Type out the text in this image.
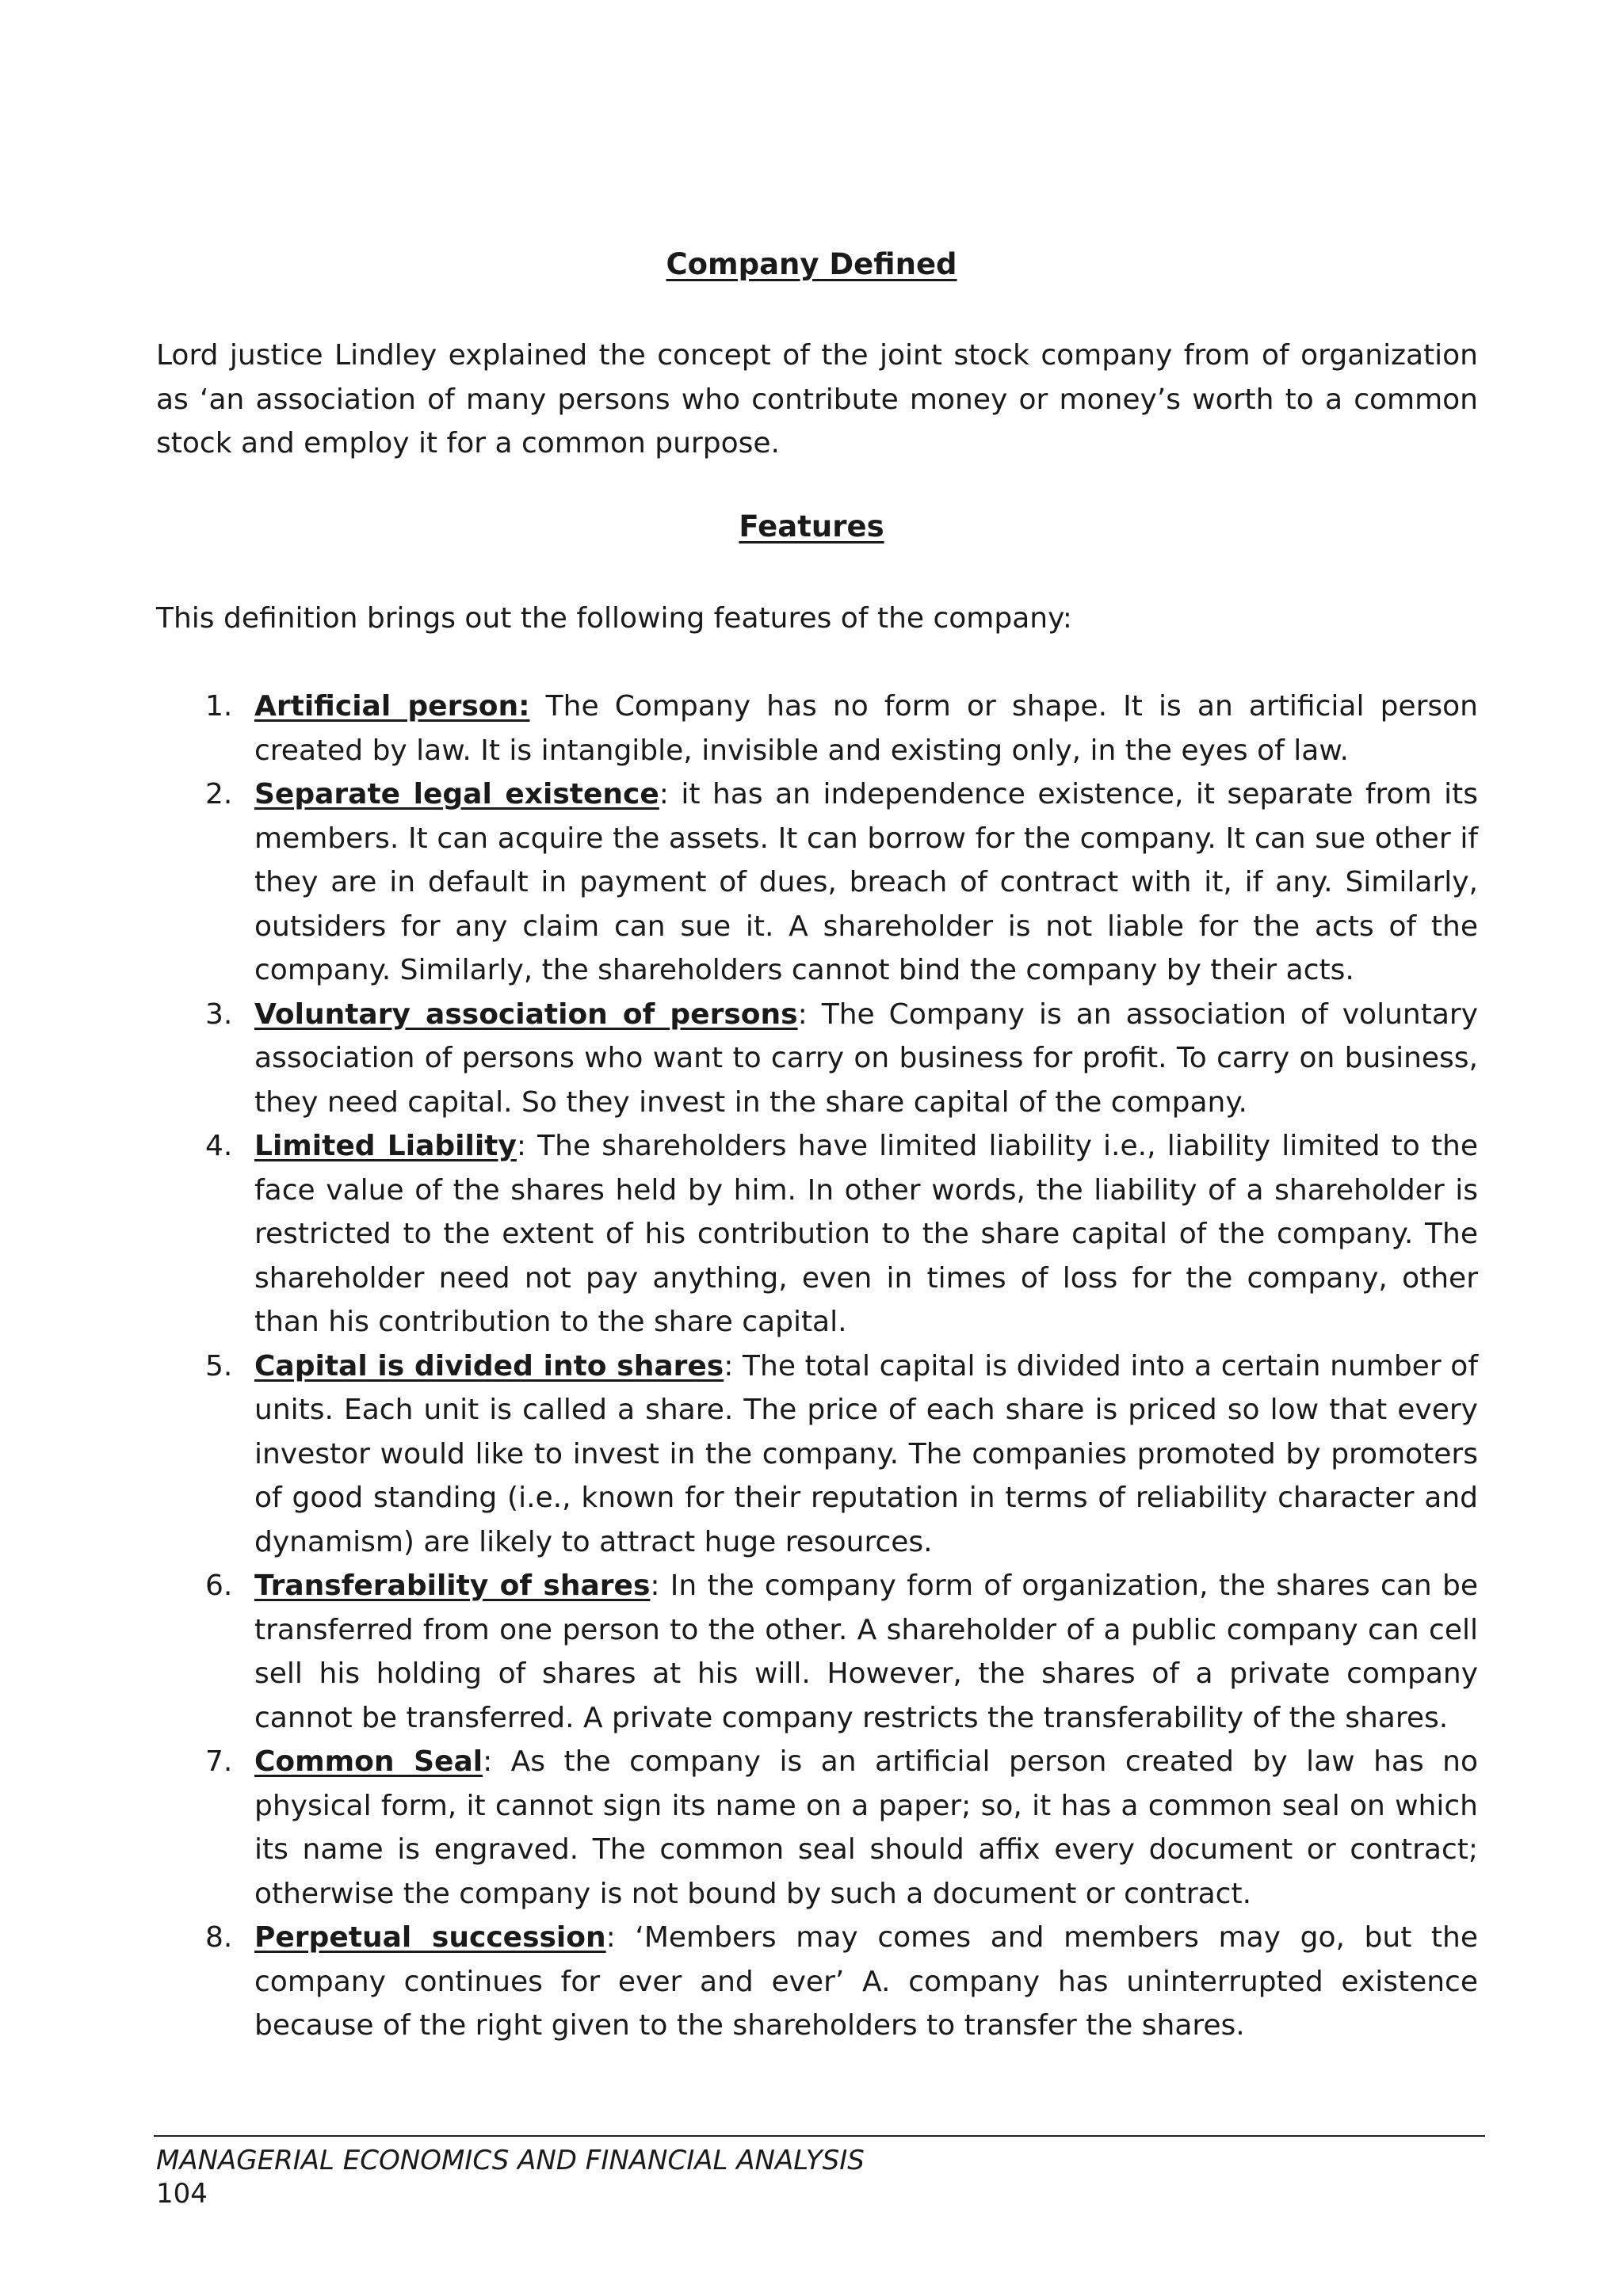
Company Defined

Lord justice Lindley explained the concept of the joint stock company from of organization as ‘an association of many persons who contribute money or money’s worth to a common stock and employ it for a common purpose.

Features

This definition brings out the following features of the company:

1. Artificial person: The Company has no form or shape. It is an artificial person created by law. It is intangible, invisible and existing only, in the eyes of law.
2. Separate legal existence: it has an independence existence, it separate from its members. It can acquire the assets. It can borrow for the company. It can sue other if they are in default in payment of dues, breach of contract with it, if any. Similarly, outsiders for any claim can sue it. A shareholder is not liable for the acts of the company. Similarly, the shareholders cannot bind the company by their acts.
3. Voluntary association of persons: The Company is an association of voluntary association of persons who want to carry on business for profit. To carry on business, they need capital. So they invest in the share capital of the company.
4. Limited Liability: The shareholders have limited liability i.e., liability limited to the face value of the shares held by him. In other words, the liability of a shareholder is restricted to the extent of his contribution to the share capital of the company. The shareholder need not pay anything, even in times of loss for the company, other than his contribution to the share capital.
5. Capital is divided into shares: The total capital is divided into a certain number of units. Each unit is called a share. The price of each share is priced so low that every investor would like to invest in the company. The companies promoted by promoters of good standing (i.e., known for their reputation in terms of reliability character and dynamism) are likely to attract huge resources.
6. Transferability of shares: In the company form of organization, the shares can be transferred from one person to the other. A shareholder of a public company can cell sell his holding of shares at his will. However, the shares of a private company cannot be transferred. A private company restricts the transferability of the shares.
7. Common Seal: As the company is an artificial person created by law has no physical form, it cannot sign its name on a paper; so, it has a common seal on which its name is engraved. The common seal should affix every document or contract; otherwise the company is not bound by such a document or contract.
8. Perpetual succession: ‘Members may comes and members may go, but the company continues for ever and ever’ A. company has uninterrupted existence because of the right given to the shareholders to transfer the shares.

MANAGERIAL ECONOMICS AND FINANCIAL ANALYSIS

104
